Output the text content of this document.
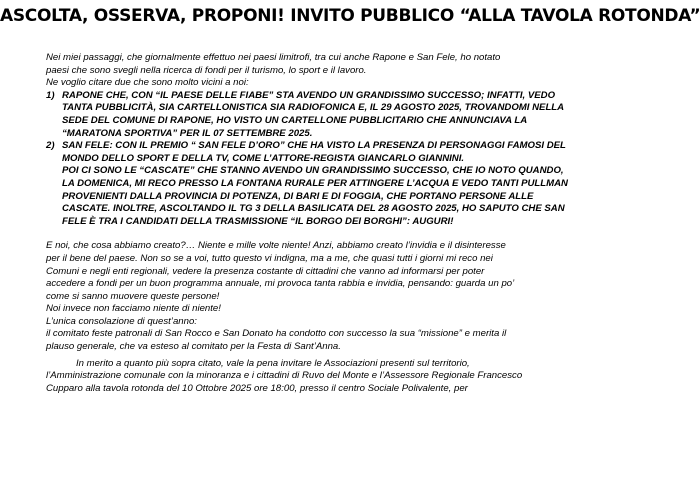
ASCOLTA, OSSERVA, PROPONI! INVITO PUBBLICO “ALLA TAVOLA ROTONDA”

Nei miei passaggi, che giornalmente effettuo nei paesi limitrofi, tra cui anche Rapone e San Fele, ho notato

paesi che sono svegli nella ricerca di fondi per il turismo, lo sport e il lavoro.

Ne voglio citare due che sono molto vicini a noi:

1) RAPONE CHE, CON “IL PAESE DELLE FIABE” STA AVENDO UN GRANDISSIMO SUCCESSO; INFATTI, VEDO

TANTA PUBBLICITÀ, SIA CARTELLONISTICA SIA RADIOFONICA E, IL 29 AGOSTO 2025, TROVANDOMI NELLA

SEDE DEL COMUNE DI RAPONE, HO VISTO UN CARTELLONE PUBBLICITARIO CHE ANNUNCIAVA LA

“MARATONA SPORTIVA” PER IL 07 SETTEMBRE 2025.

2) SAN FELE: CON IL PREMIO “ SAN FELE D’ORO” CHE HA VISTO LA PRESENZA DI PERSONAGGI FAMOSI DEL

MONDO DELLO SPORT E DELLA TV, COME L’ATTORE-REGISTA GIANCARLO GIANNINI.

POI CI SONO LE “CASCATE” CHE STANNO AVENDO UN GRANDISSIMO SUCCESSO, CHE IO NOTO QUANDO,

LA DOMENICA, MI RECO PRESSO LA FONTANA RURALE PER ATTINGERE L’ACQUA E VEDO TANTI PULLMAN

PROVENIENTI DALLA PROVINCIA DI POTENZA, DI BARI E DI FOGGIA, CHE PORTANO PERSONE ALLE

CASCATE. INOLTRE, ASCOLTANDO IL TG 3 DELLA BASILICATA DEL 28 AGOSTO 2025, HO SAPUTO CHE SAN

FELE È TRA I CANDIDATI DELLA TRASMISSIONE “IL BORGO DEI BORGHI”: AUGURI!

E noi, che cosa abbiamo creato?… Niente e mille volte niente! Anzi, abbiamo creato l’invidia e il disinteresse

per il bene del paese. Non so se a voi, tutto questo vi indigna, ma a me, che quasi tutti i giorni mi reco nei

Comuni e negli enti regionali, vedere la presenza costante di cittadini che vanno ad informarsi per poter

accedere a fondi per un buon programma annuale, mi provoca tanta rabbia e invidia, pensando: guarda un po’

come si sanno muovere queste persone!

Noi invece non facciamo niente di niente!

L’unica consolazione di quest’anno:

il comitato feste patronali di San Rocco e San Donato ha condotto con successo la sua “missione” e merita il

plauso generale, che va esteso al comitato per la Festa di Sant’Anna.

In merito a quanto più sopra citato, vale la pena invitare le Associazioni presenti sul territorio,

l’Amministrazione comunale con la minoranza e i cittadini di Ruvo del Monte e l’Assessore Regionale Francesco

Cupparo alla tavola rotonda del 10 Ottobre 2025 ore 18:00, presso il centro Sociale Polivalente, per
